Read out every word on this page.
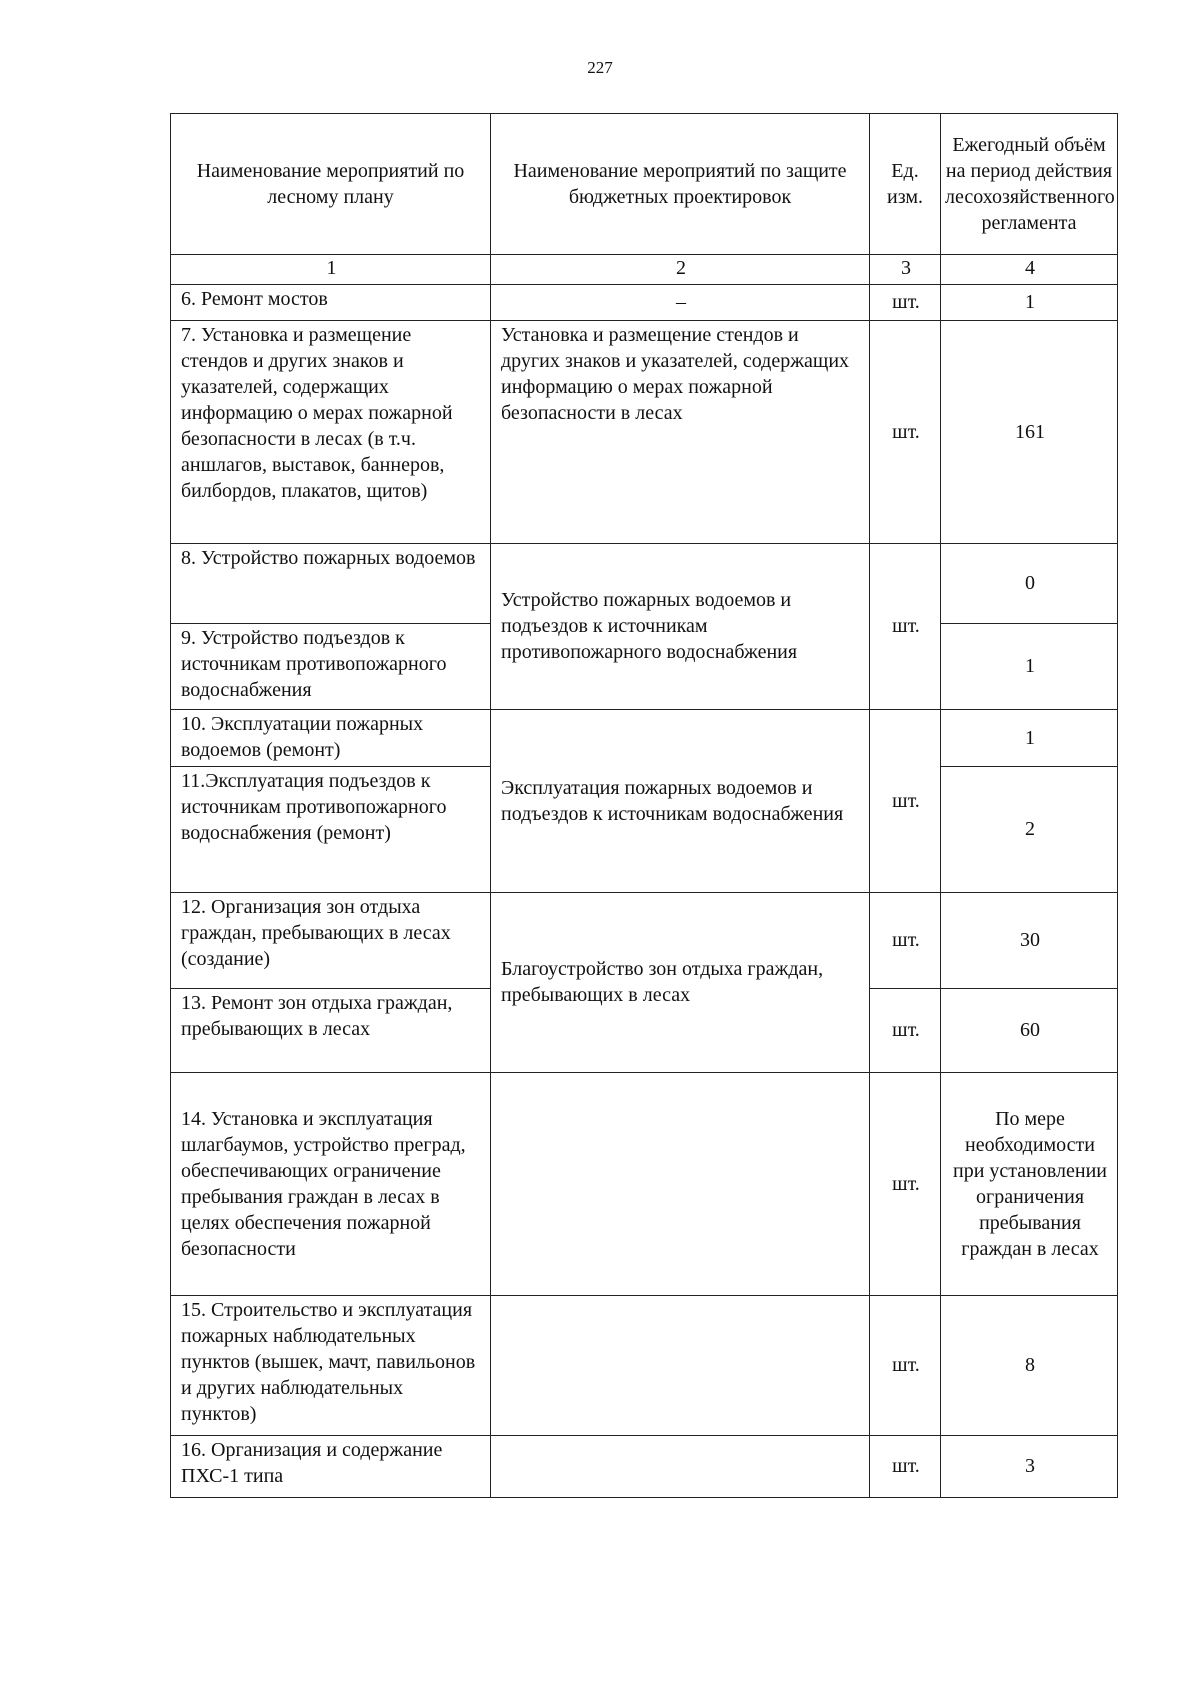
227
Наименование мероприятий по лесному плану	Наименование мероприятий по защите бюджетных проектировок	Ед. изм.	Ежегодный объём на период действия лесохозяйственного регламента
1	2	3	4
6. Ремонт мостов	–	шт.	1
7. Установка и размещение стендов и других знаков и указателей, содержащих информацию о мерах пожарной безопасности в лесах (в т.ч. аншлагов, выставок, баннеров, билбордов, плакатов, щитов)	Установка и размещение стендов и других знаков и указателей, содержащих информацию о мерах пожарной безопасности в лесах	шт.	161
8. Устройство пожарных водоемов	Устройство пожарных водоемов и подъездов к источникам противопожарного водоснабжения	шт.	0
9. Устройство подъездов к источникам противопожарного водоснабжения			1
10. Эксплуатации пожарных водоемов (ремонт)	Эксплуатация пожарных водоемов и подъездов к источникам водоснабжения	шт.	1
11.Эксплуатация подъездов к источникам противопожарного водоснабжения (ремонт)			2
12. Организация зон отдыха граждан, пребывающих в лесах (создание)	Благоустройство зон отдыха граждан, пребывающих в лесах	шт.	30
13. Ремонт зон отдыха граждан, пребывающих в лесах		шт.	60
14. Установка и эксплуатация шлагбаумов, устройство преград, обеспечивающих ограничение пребывания граждан в лесах в целях обеспечения пожарной безопасности		шт.	По мере необходимости при установлении ограничения пребывания граждан в лесах
15. Строительство и эксплуатация пожарных наблюдательных пунктов (вышек, мачт, павильонов и других наблюдательных пунктов)		шт.	8
16. Организация и содержание ПХС-1 типа		шт.	3
